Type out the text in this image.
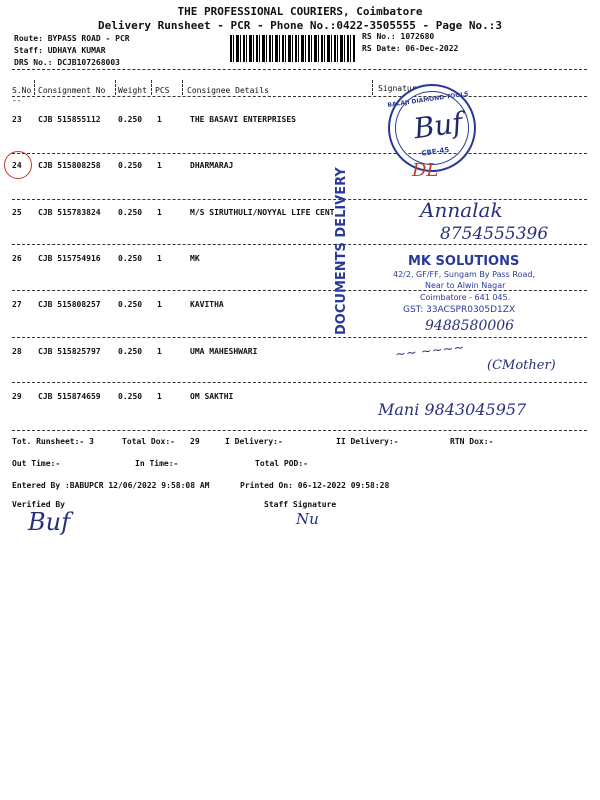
THE PROFESSIONAL COURIERS, Coimbatore
Delivery Runsheet - PCR - Phone No.:0422-3505555 - Page No.:3
Route: BYPASS ROAD - PCR
Staff: UDHAYA KUMAR
DRS No.: DCJB107268003
RS No.: 1072680
RS Date: 06-Dec-2022
S.No
--
Consignment No Weight PCS Consignee Details	Signature
23 CJB 515855112 0.250 1	THE BASAVI ENTERPRISES
24 CJB 515808258 0.250 1	DHARMARAJ
25 CJB 515783824 0.250 1	M/S SIRUTHULI/NOYYAL LIFE CENT
26 CJB 515754916 0.250 1	MK
27 CJB 515808257 0.250 1	KAVITHA
28 CJB 515825797 0.250 1	UMA MAHESHWARI
29 CJB 515874659 0.250 1	OM SAKTHI
BALAJI DIAMOND TOOLS
CBE-45
Buf
DL
DOCUMENTS DELIVERY	Annalak
8754555396
MK SOLUTIONS
42/2, GF/FF, Sungam By Pass Road,
Near to Alwin Nagar
Coimbatore - 641 045.
GST: 33ACSPR0305D1ZX
9488580006
~~ ~~~~
(CMother)
Mani 9843045957
Tot. Runsheet:- 3	Total Dox:- 29	I Delivery:-	II Delivery:-	RTN Dox:-
Out Time:-	In Time:-	Total POD:-
Entered By :BABUPCR 12/06/2022 9:58:08 AM	Printed On: 06-12-2022 09:58:28
Verified By	Staff Signature
Buf	Nu
